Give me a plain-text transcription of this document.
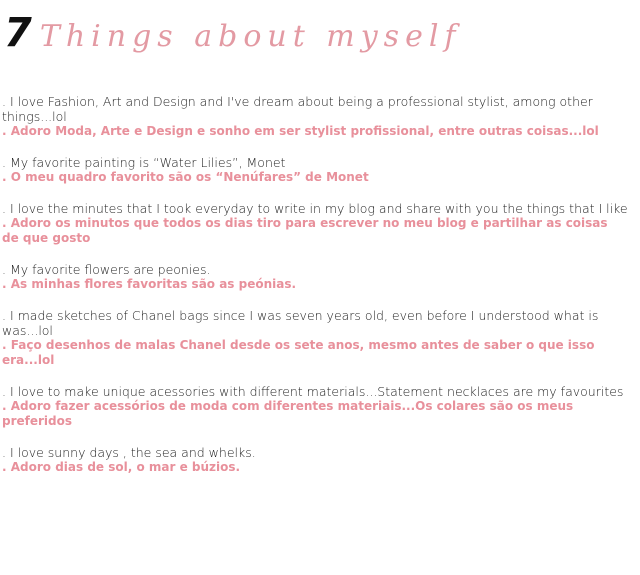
7 Things about myself
. I love Fashion, Art and Design and I've dream about being a professional stylist, among other things...lol
. Adoro Moda, Arte e Design e sonho em ser stylist profissional, entre outras coisas...lol
. My favorite painting is “Water Lilies”, Monet
. O meu quadro favorito são os “Nenúfares” de Monet
. I love the minutes that I took everyday to write in my blog and share with you the things that I like
. Adoro os minutos que todos os dias tiro para escrever no meu blog e partilhar as coisas de que gosto
. My favorite flowers are peonies.
. As minhas flores favoritas são as peónias.
. I made sketches of Chanel bags since I was seven years old, even before I understood what is was...lol
. Faço desenhos de malas Chanel desde os sete anos, mesmo antes de saber o que isso era...lol
. I love to make unique acessories with different materials...Statement necklaces are my favourites
. Adoro fazer acessórios de moda com diferentes materiais...Os colares são os meus preferidos
. I love sunny days , the sea and whelks.
. Adoro dias de sol, o mar e búzios.
